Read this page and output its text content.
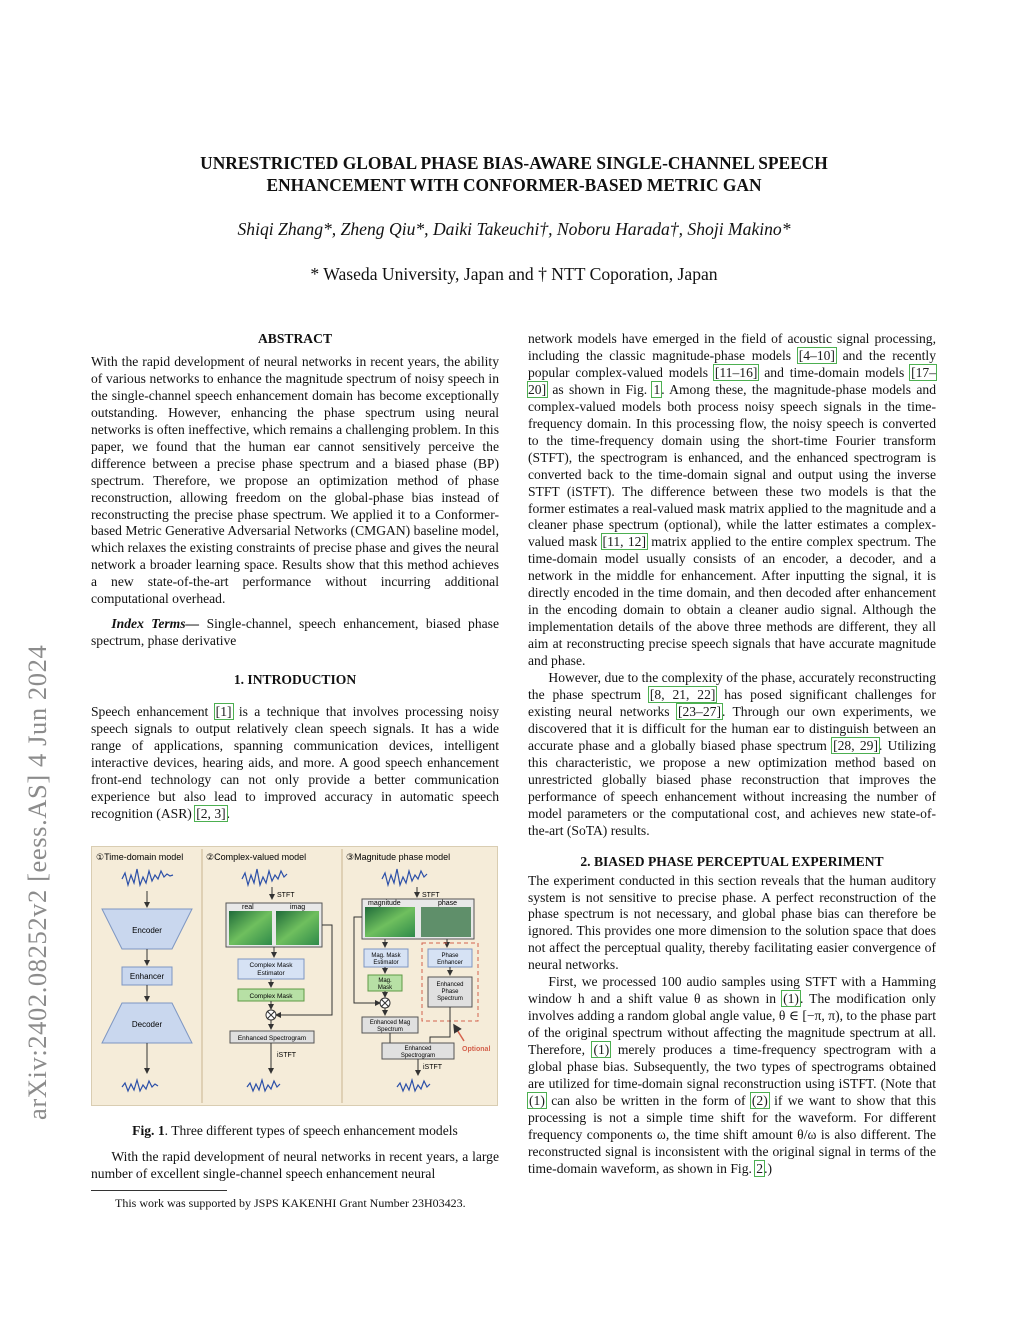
arXiv:2402.08252v2 [eess.AS] 4 Jun 2024
UNRESTRICTED GLOBAL PHASE BIAS-AWARE SINGLE-CHANNEL SPEECH
ENHANCEMENT WITH CONFORMER-BASED METRIC GAN
Shiqi Zhang*, Zheng Qiu*, Daiki Takeuchi†, Noboru Harada†, Shoji Makino*
* Waseda University, Japan and † NTT Coporation, Japan
ABSTRACT

With the rapid development of neural networks in recent years, the ability of various networks to enhance the magnitude spectrum of noisy speech in the single-channel speech enhancement domain has become exceptionally outstanding. However, enhancing the phase spectrum using neural networks is often ineffective, which remains a challenging problem. In this paper, we found that the human ear cannot sensitively perceive the difference between a precise phase spectrum and a biased phase (BP) spectrum. Therefore, we propose an optimization method of phase reconstruction, allowing freedom on the global-phase bias instead of reconstructing the precise phase spectrum. We applied it to a Conformer-based Metric Generative Adversarial Networks (CMGAN) baseline model, which relaxes the existing constraints of precise phase and gives the neural network a broader learning space. Results show that this method achieves a new state-of-the-art performance without incurring additional computational overhead.

Index Terms— Single-channel, speech enhancement, biased phase spectrum, phase derivative

1. INTRODUCTION

Speech enhancement [1] is a technique that involves processing noisy speech signals to output relatively clean speech signals. It has a wide range of applications, spanning communication devices, intelligent interactive devices, hearing aids, and more. A good speech enhancement front-end technology can not only provide a better communication experience but also lead to improved accuracy in automatic speech recognition (ASR) [2, 3].

①Time-domain model	②Complex-valued model	③Magnitude phase model
Encoder
Enhancer
Decoder
STFT
real	imag
Complex Mask Estimator
Complex Mask
Enhanced Spectrogram
iSTFT
STFT
magnitude	phase
Mag. Mask Estimator
Phase Enhancer
Mag. Mask	Enhanced Phase Spectrum
Enhanced Mag Spectrum
Enhanced Spectrogram
iSTFT
Optional
Fig. 1. Three different types of speech enhancement models

With the rapid development of neural networks in recent years, a large number of excellent single-channel speech enhancement neural

This work was supported by JSPS KAKENHI Grant Number 23H03423.

network models have emerged in the field of acoustic signal processing, including the classic magnitude-phase models [4–10] and the recently popular complex-valued models [11–16] and time-domain models [17–20] as shown in Fig. 1. Among these, the magnitude-phase models and complex-valued models both process noisy speech signals in the time-frequency domain. In this processing flow, the noisy speech is converted to the time-frequency domain using the short-time Fourier transform (STFT), the spectrogram is enhanced, and the enhanced spectrogram is converted back to the time-domain signal and output using the inverse STFT (iSTFT). The difference between these two models is that the former estimates a real-valued mask matrix applied to the magnitude and a cleaner phase spectrum (optional), while the latter estimates a complex-valued mask [11, 12] matrix applied to the entire complex spectrum. The time-domain model usually consists of an encoder, a decoder, and a network in the middle for enhancement. After inputting the signal, it is directly encoded in the time domain, and then decoded after enhancement in the encoding domain to obtain a cleaner audio signal. Although the implementation details of the above three methods are different, they all aim at reconstructing precise speech signals that have accurate magnitude and phase.

However, due to the complexity of the phase, accurately reconstructing the phase spectrum [8, 21, 22] has posed significant challenges for existing neural networks [23–27]. Through our own experiments, we discovered that it is difficult for the human ear to distinguish between an accurate phase and a globally biased phase spectrum [28, 29]. Utilizing this characteristic, we propose a new optimization method based on unrestricted globally biased phase reconstruction that improves the performance of speech enhancement without increasing the number of model parameters or the computational cost, and achieves new state-of-the-art (SoTA) results.

2. BIASED PHASE PERCEPTUAL EXPERIMENT

The experiment conducted in this section reveals that the human auditory system is not sensitive to precise phase. A perfect reconstruction of the phase spectrum is not necessary, and global phase bias can therefore be ignored. This provides one more dimension to the solution space that does not affect the perceptual quality, thereby facilitating easier convergence of neural networks.

First, we processed 100 audio samples using STFT with a Hamming window h and a shift value θ as shown in (1). The modification only involves adding a random global angle value, θ ∈ [−π, π), to the phase part of the original spectrum without affecting the magnitude spectrum at all. Therefore, (1) merely produces a time-frequency spectrogram with a global phase bias. Subsequently, the two types of spectrograms obtained are utilized for time-domain signal reconstruction using iSTFT. (Note that (1) can also be written in the form of (2) if we want to show that this processing is not a simple time shift for the waveform. For different frequency components ω, the time shift amount θ/ω is also different. The reconstructed signal is inconsistent with the original signal in terms of the time-domain waveform, as shown in Fig. 2.)
